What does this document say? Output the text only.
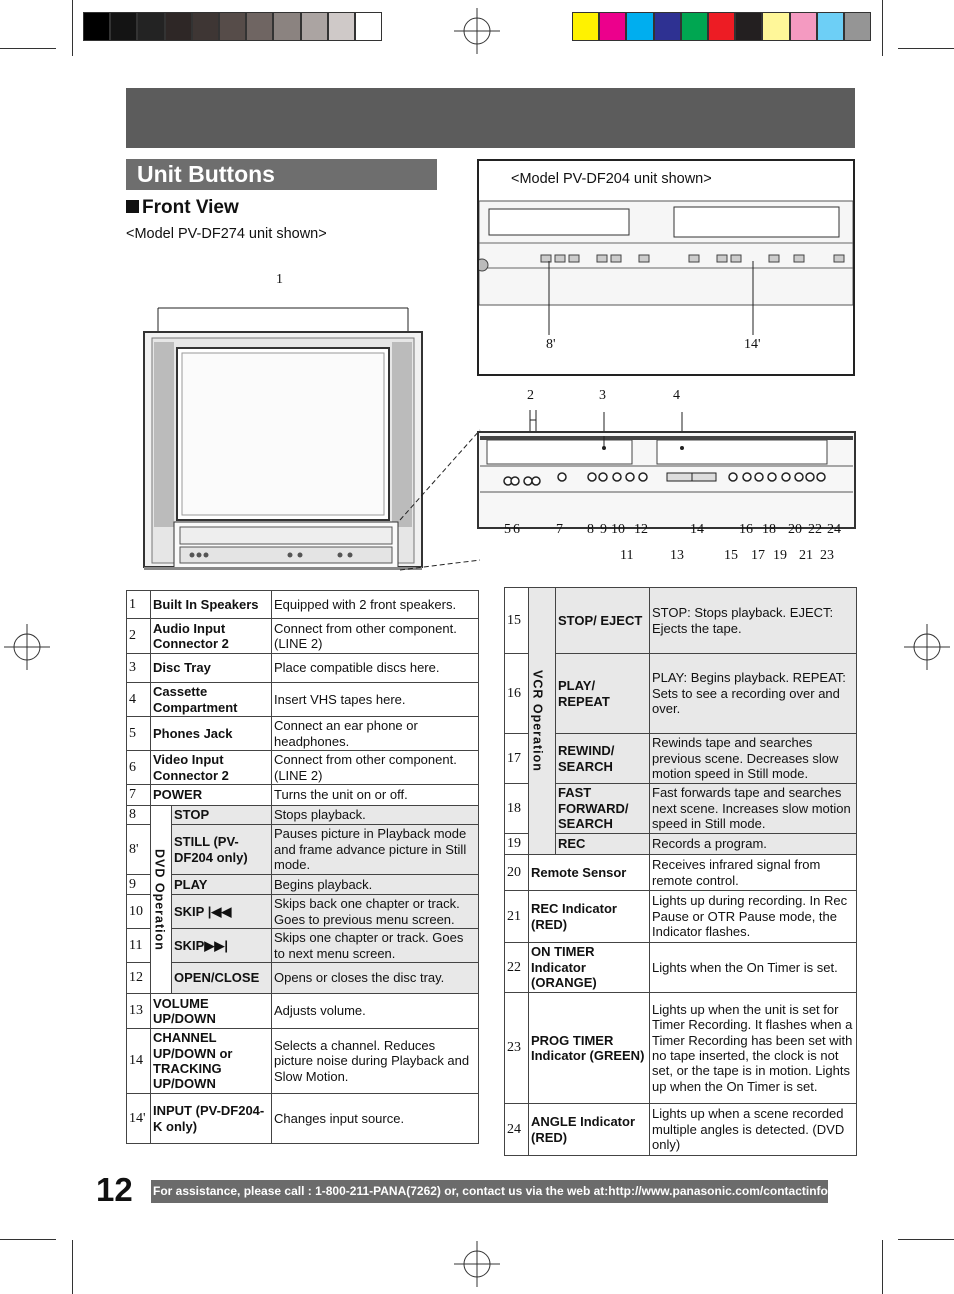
Unit Buttons
Front View
<Model PV-DF274 unit shown>
1
<Model PV-DF204 unit shown>
8'	14'
2	3	4
1	Built In Speakers		Equipped with 2 front speakers.
2	Audio Input Connector 2		Connect from other component. (LINE 2)
3	Disc Tray		Place compatible discs here.
4	Cassette Compartment		Insert VHS tapes here.
5	Phones Jack		Connect an ear phone or headphones.
6	Video Input Connector 2		Connect from other component. (LINE 2)
7	POWER		Turns the unit on or off.
8	DVD Operation	STOP	Stops playback.
8'		STILL (PV-DF204 only)	Pauses picture in Playback mode and frame advance picture in Still mode.
9		PLAY	Begins playback.
10		SKIP |◀◀	Skips back one chapter or track. Goes to previous menu screen.
11		SKIP▶▶|	Skips one chapter or track. Goes to next menu screen.
12		OPEN/CLOSE	Opens or closes the disc tray.
13	VOLUME UP/DOWN		Adjusts volume.
14	CHANNEL UP/DOWN or TRACKING UP/DOWN		Selects a channel. Reduces picture noise during Playback and Slow Motion.
14'	INPUT (PV-DF204-K only)		Changes input source.
15	VCR Operation	STOP/ EJECT	STOP: Stops playback. EJECT: Ejects the tape.
16		PLAY/ REPEAT	PLAY: Begins playback. REPEAT: Sets to see a recording over and over.
17		REWIND/ SEARCH	Rewinds tape and searches previous scene. Decreases slow motion speed in Still mode.
18		FAST FORWARD/ SEARCH	Fast forwards tape and searches next scene. Increases slow motion speed in Still mode.
19		REC	Records a program.
20	Remote Sensor		Receives infrared signal from remote control.
21	REC Indicator (RED)		Lights up during recording. In Rec Pause or OTR Pause mode, the Indicator flashes.
22	ON TIMER Indicator (ORANGE)		Lights when the On Timer is set.
23	PROG TIMER Indicator (GREEN)		Lights up when the unit is set for Timer Recording. It flashes when a Timer Recording has been set with no tape inserted, the clock is not set, or the tape is in motion. Lights up when the On Timer is set.
24	ANGLE Indicator (RED)		Lights up when a scene recorded multiple angles is detected. (DVD only)
12 For assistance, please call : 1-800-211-PANA(7262) or, contact us via the web at:http://www.panasonic.com/contactinfo
5 6	7 8 9 10 12	14	16 18 20 22 24
11	13	15 17 19 21 23
